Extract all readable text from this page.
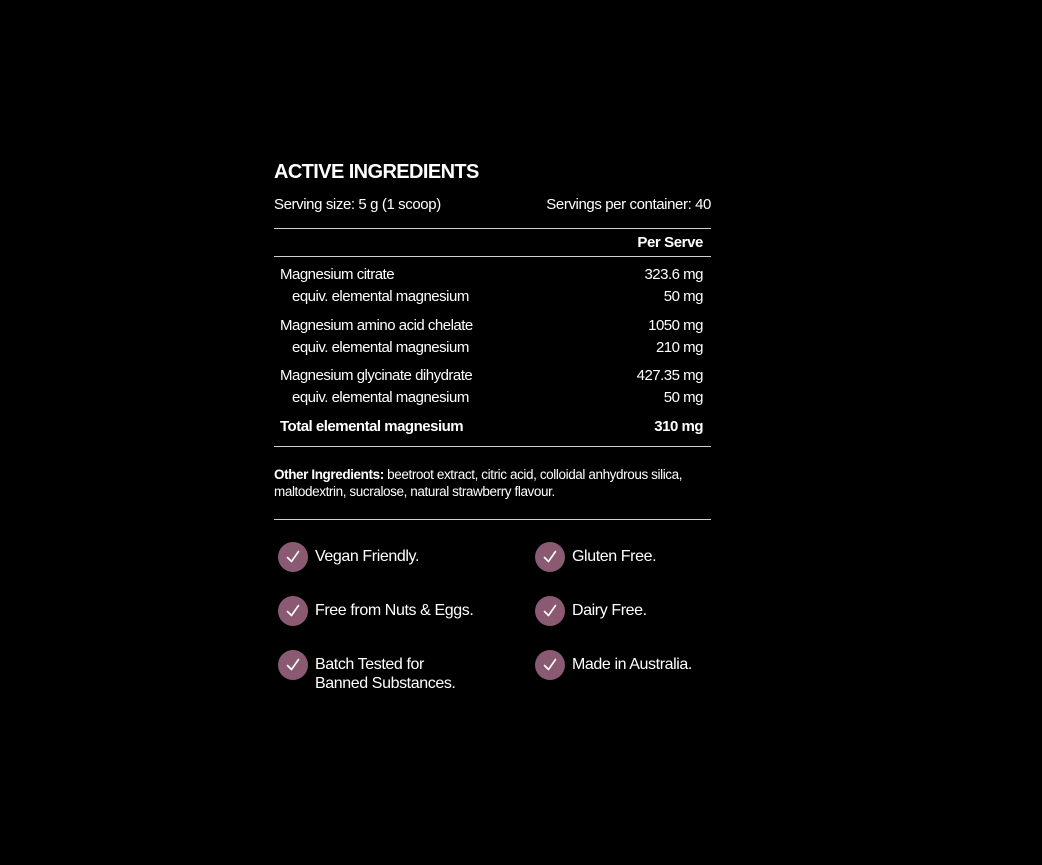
ACTIVE INGREDIENTS
Serving size: 5 g (1 scoop)	Servings per container: 40
Per Serve
Magnesium citrate	323.6 mg
equiv. elemental magnesium	50 mg
Magnesium amino acid chelate	1050 mg
equiv. elemental magnesium	210 mg
Magnesium glycinate dihydrate	427.35 mg
equiv. elemental magnesium	50 mg
Total elemental magnesium	310 mg

Other Ingredients: beetroot extract, citric acid, colloidal anhydrous silica, maltodextrin, sucralose, natural strawberry flavour.

Vegan Friendly.	Gluten Free.
Free from Nuts & Eggs.	Dairy Free.
Batch Tested for
Banned Substances.
Made in Australia.
